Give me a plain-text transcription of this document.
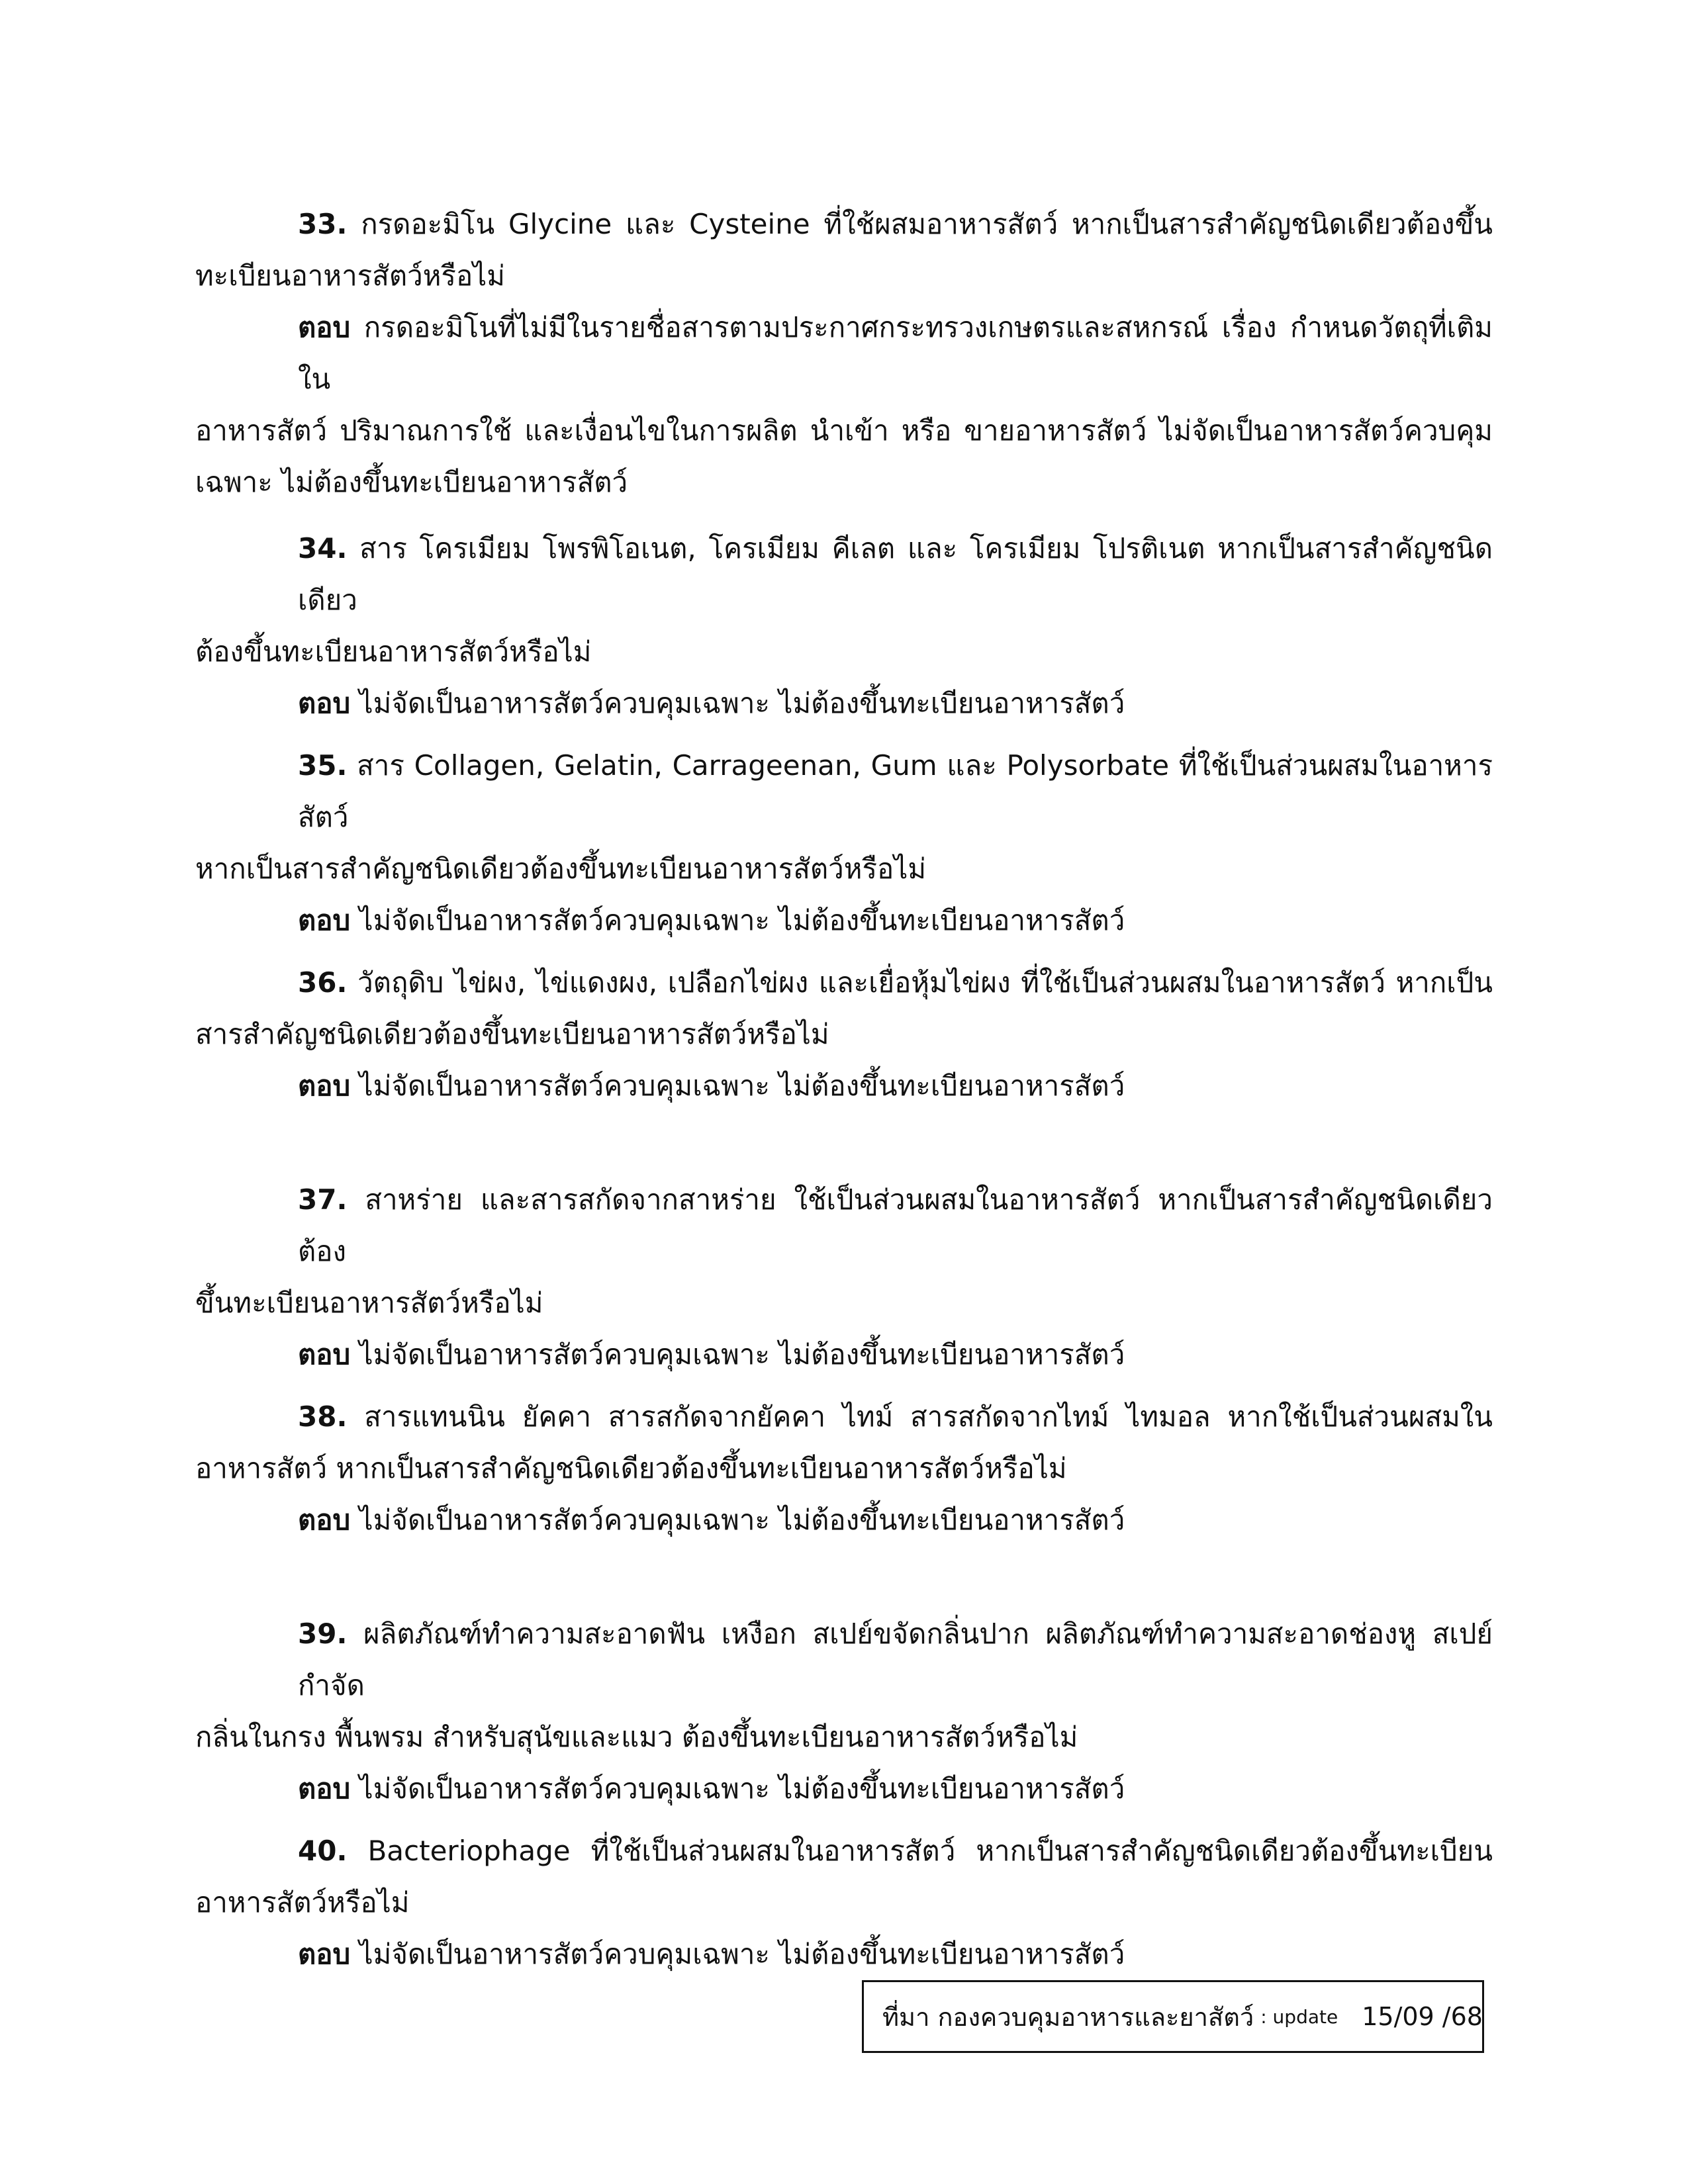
33. กรดอะมิโน Glycine และ Cysteine ที่ใช้ผสมอาหารสัตว์ หากเป็นสารสำคัญชนิดเดียวต้องขึ้น
ทะเบียนอาหารสัตว์หรือไม่
ตอบ กรดอะมิโนที่ไม่มีในรายชื่อสารตามประกาศกระทรวงเกษตรและสหกรณ์ เรื่อง กำหนดวัตถุที่เติมใน
อาหารสัตว์ ปริมาณการใช้ และเงื่อนไขในการผลิต นำเข้า หรือ ขายอาหารสัตว์ ไม่จัดเป็นอาหารสัตว์ควบคุม
เฉพาะ ไม่ต้องขึ้นทะเบียนอาหารสัตว์
34. สาร โครเมียม โพรพิโอเนต, โครเมียม คีเลต และ โครเมียม โปรติเนต หากเป็นสารสำคัญชนิดเดียว
ต้องขึ้นทะเบียนอาหารสัตว์หรือไม่
ตอบ ไม่จัดเป็นอาหารสัตว์ควบคุมเฉพาะ ไม่ต้องขึ้นทะเบียนอาหารสัตว์
35. สาร Collagen, Gelatin, Carrageenan, Gum และ Polysorbate ที่ใช้เป็นส่วนผสมในอาหารสัตว์
หากเป็นสารสำคัญชนิดเดียวต้องขึ้นทะเบียนอาหารสัตว์หรือไม่
ตอบ ไม่จัดเป็นอาหารสัตว์ควบคุมเฉพาะ ไม่ต้องขึ้นทะเบียนอาหารสัตว์
36. วัตถุดิบ ไข่ผง, ไข่แดงผง, เปลือกไข่ผง และเยื่อหุ้มไข่ผง ที่ใช้เป็นส่วนผสมในอาหารสัตว์ หากเป็น
สารสำคัญชนิดเดียวต้องขึ้นทะเบียนอาหารสัตว์หรือไม่
ตอบ ไม่จัดเป็นอาหารสัตว์ควบคุมเฉพาะ ไม่ต้องขึ้นทะเบียนอาหารสัตว์
37. สาหร่าย และสารสกัดจากสาหร่าย ใช้เป็นส่วนผสมในอาหารสัตว์ หากเป็นสารสำคัญชนิดเดียวต้อง
ขึ้นทะเบียนอาหารสัตว์หรือไม่
ตอบ ไม่จัดเป็นอาหารสัตว์ควบคุมเฉพาะ ไม่ต้องขึ้นทะเบียนอาหารสัตว์
38. สารแทนนิน ยัคคา สารสกัดจากยัคคา ไทม์ สารสกัดจากไทม์ ไทมอล หากใช้เป็นส่วนผสมใน
อาหารสัตว์ หากเป็นสารสำคัญชนิดเดียวต้องขึ้นทะเบียนอาหารสัตว์หรือไม่
ตอบ ไม่จัดเป็นอาหารสัตว์ควบคุมเฉพาะ ไม่ต้องขึ้นทะเบียนอาหารสัตว์
39. ผลิตภัณฑ์ทำความสะอาดฟัน เหงือก สเปย์ขจัดกลิ่นปาก ผลิตภัณฑ์ทำความสะอาดช่องหู สเปย์กำจัด
กลิ่นในกรง พื้นพรม สำหรับสุนัขและแมว ต้องขึ้นทะเบียนอาหารสัตว์หรือไม่
ตอบ ไม่จัดเป็นอาหารสัตว์ควบคุมเฉพาะ ไม่ต้องขึ้นทะเบียนอาหารสัตว์
40. Bacteriophage ที่ใช้เป็นส่วนผสมในอาหารสัตว์ หากเป็นสารสำคัญชนิดเดียวต้องขึ้นทะเบียน
อาหารสัตว์หรือไม่
ตอบ ไม่จัดเป็นอาหารสัตว์ควบคุมเฉพาะ ไม่ต้องขึ้นทะเบียนอาหารสัตว์
ที่มา กองควบคุมอาหารและยาสัตว์ : update 15/09 /68
